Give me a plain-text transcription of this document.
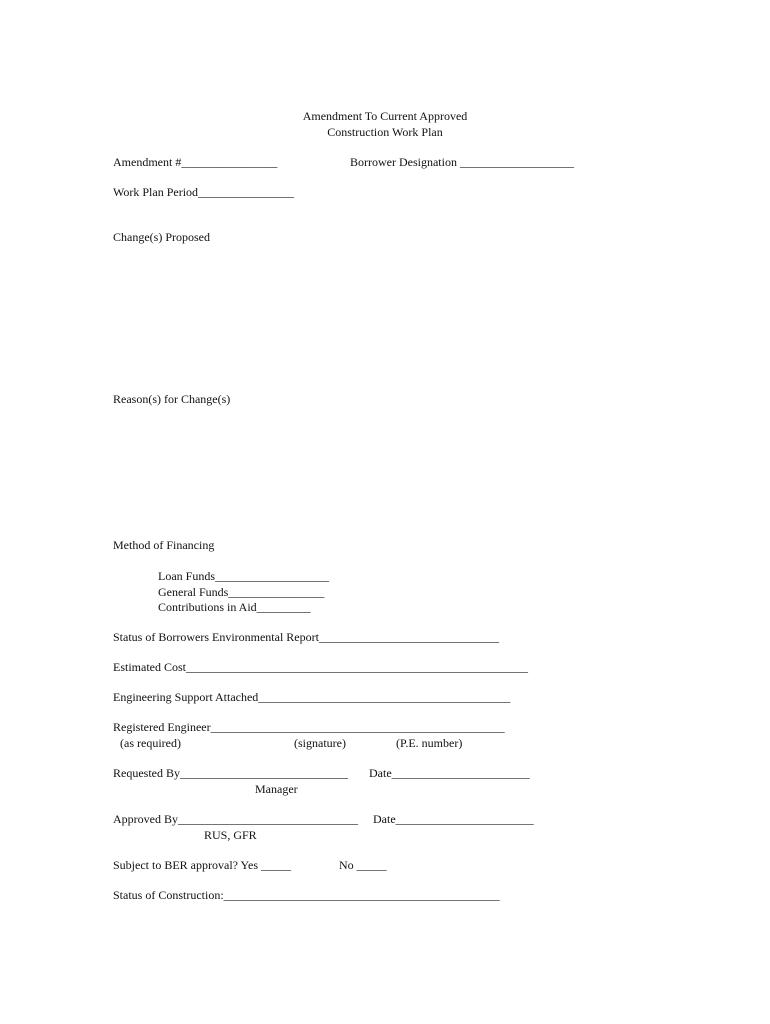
Amendment To Current Approved
Construction Work Plan
Amendment #________________	Borrower Designation ___________________
Work Plan Period________________
Change(s) Proposed
Reason(s) for Change(s)
Method of Financing
Loan Funds___________________
General Funds________________
Contributions in Aid_________
Status of Borrowers Environmental Report______________________________
Estimated Cost_________________________________________________________
Engineering Support Attached__________________________________________
Registered Engineer_________________________________________________
(as required)	(signature)	(P.E. number)
Requested By____________________________ Date_______________________
Manager
Approved By______________________________ Date_______________________
RUS, GFR
Subject to BER approval? Yes _____	No _____
Status of Construction:______________________________________________
